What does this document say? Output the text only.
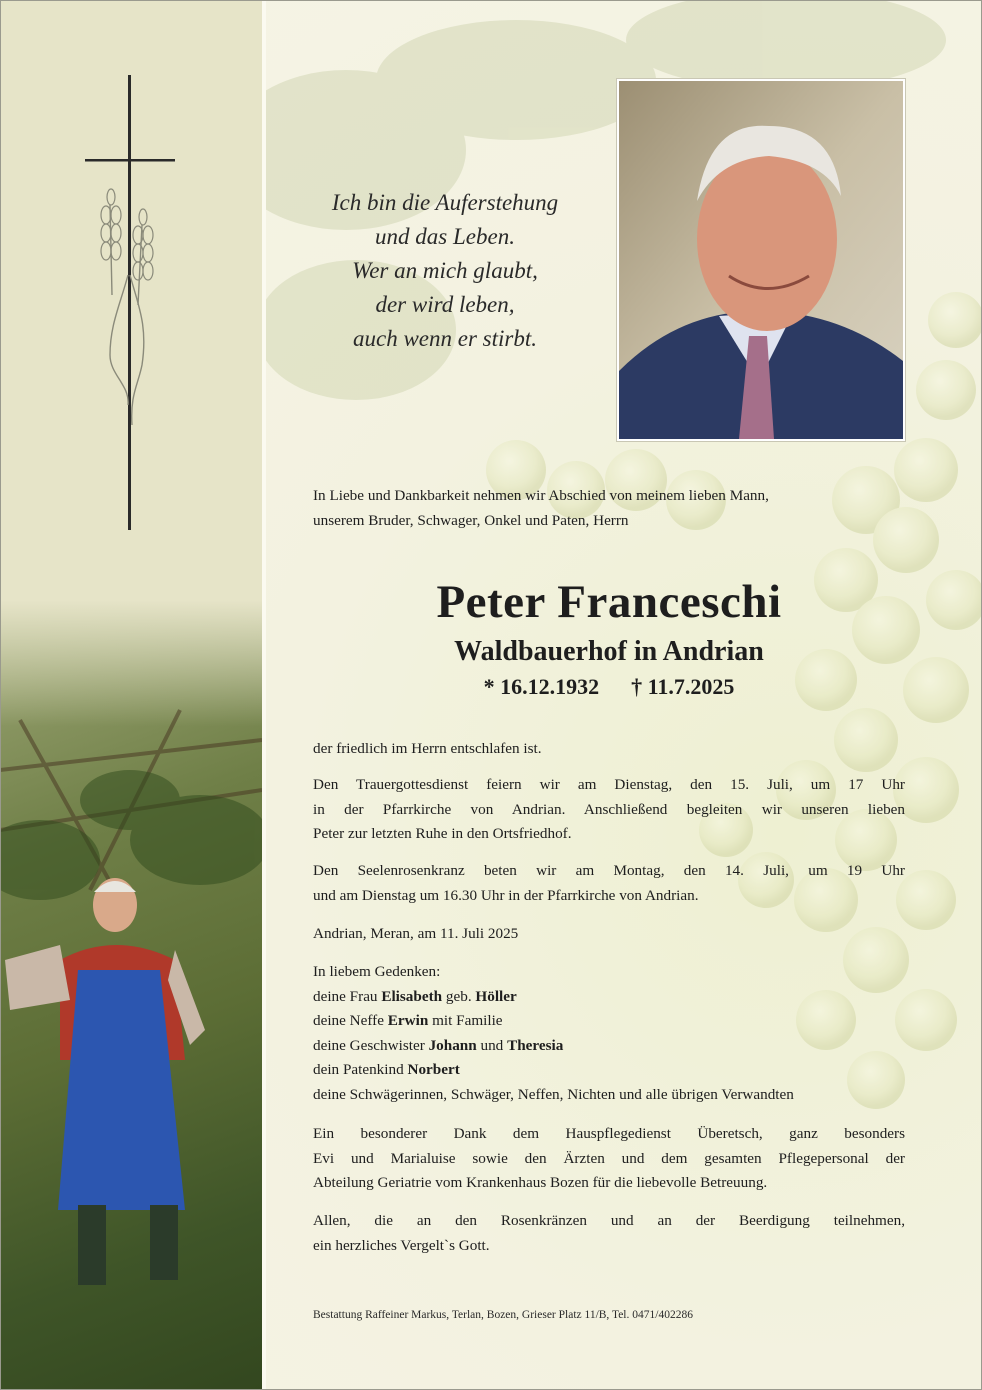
Ich bin die Auferstehung
und das Leben.
Wer an mich glaubt,
der wird leben,
auch wenn er stirbt.
In Liebe und Dankbarkeit nehmen wir Abschied von meinem lieben Mann,
unserem Bruder, Schwager, Onkel und Paten, Herrn
Peter Franceschi
Waldbauerhof in Andrian
* 16.12.1932 † 11.7.2025
der friedlich im Herrn entschlafen ist.
Den Trauergottesdienst feiern wir am Dienstag, den 15. Juli, um 17 Uhr
in der Pfarrkirche von Andrian. Anschließend begleiten wir unseren lieben
Peter zur letzten Ruhe in den Ortsfriedhof.
Den Seelenrosenkranz beten wir am Montag, den 14. Juli, um 19 Uhr
und am Dienstag um 16.30 Uhr in der Pfarrkirche von Andrian.
Andrian, Meran, am 11. Juli 2025
In liebem Gedenken:
deine Frau Elisabeth geb. Höller
deine Neffe Erwin mit Familie
deine Geschwister Johann und Theresia
dein Patenkind Norbert
deine Schwägerinnen, Schwäger, Neffen, Nichten und alle übrigen Verwandten
Ein besonderer Dank dem Hauspflegedienst Überetsch, ganz besonders
Evi und Marialuise sowie den Ärzten und dem gesamten Pflegepersonal der
Abteilung Geriatrie vom Krankenhaus Bozen für die liebevolle Betreuung.
Allen, die an den Rosenkränzen und an der Beerdigung teilnehmen,
ein herzliches Vergelt`s Gott.
Bestattung Raffeiner Markus, Terlan, Bozen, Grieser Platz 11/B, Tel. 0471/402286
